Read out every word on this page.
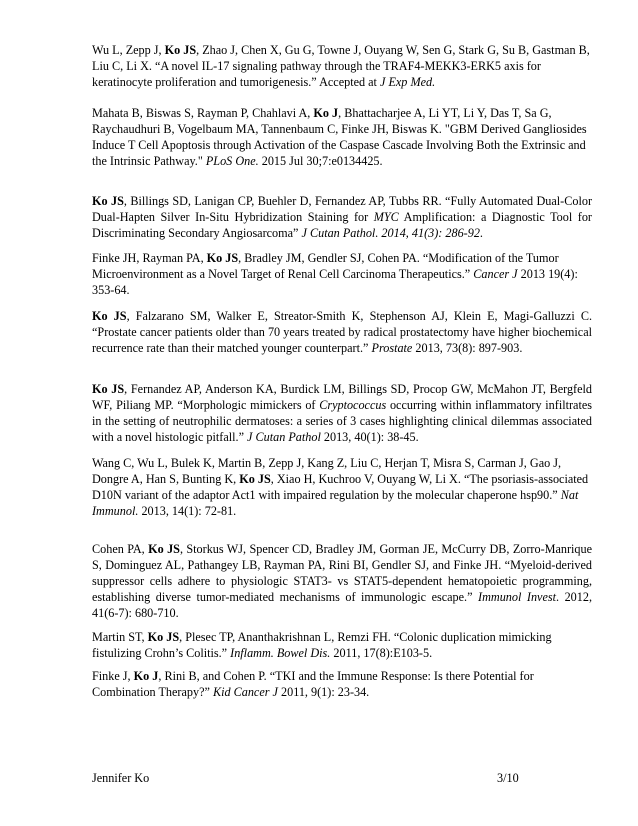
Wu L, Zepp J, Ko JS, Zhao J, Chen X, Gu G, Towne J, Ouyang W, Sen G, Stark G, Su B, Gastman B, Liu C, Li X. “A novel IL-17 signaling pathway through the TRAF4-MEKK3-ERK5 axis for keratinocyte proliferation and tumorigenesis.” Accepted at J Exp Med.

Mahata B, Biswas S, Rayman P, Chahlavi A, Ko J, Bhattacharjee A, Li YT, Li Y, Das T, Sa G, Raychaudhuri B, Vogelbaum MA, Tannenbaum C, Finke JH, Biswas K. "GBM Derived Gangliosides Induce T Cell Apoptosis through Activation of the Caspase Cascade Involving Both the Extrinsic and the Intrinsic Pathway." PLoS One. 2015 Jul 30;7:e0134425.

Ko JS, Billings SD, Lanigan CP, Buehler D, Fernandez AP, Tubbs RR. “Fully Automated Dual-Color Dual-Hapten Silver In-Situ Hybridization Staining for MYC Amplification: a Diagnostic Tool for Discriminating Secondary Angiosarcoma” J Cutan Pathol. 2014, 41(3): 286-92.

Finke JH, Rayman PA, Ko JS, Bradley JM, Gendler SJ, Cohen PA. “Modification of the Tumor Microenvironment as a Novel Target of Renal Cell Carcinoma Therapeutics.” Cancer J 2013 19(4): 353-64.

Ko JS, Falzarano SM, Walker E, Streator-Smith K, Stephenson AJ, Klein E, Magi-Galluzzi C. “Prostate cancer patients older than 70 years treated by radical prostatectomy have higher biochemical recurrence rate than their matched younger counterpart.” Prostate 2013, 73(8): 897-903.

Ko JS, Fernandez AP, Anderson KA, Burdick LM, Billings SD, Procop GW, McMahon JT, Bergfeld WF, Piliang MP. “Morphologic mimickers of Cryptococcus occurring within inflammatory infiltrates in the setting of neutrophilic dermatoses: a series of 3 cases highlighting clinical dilemmas associated with a novel histologic pitfall.” J Cutan Pathol 2013, 40(1): 38-45.

Wang C, Wu L, Bulek K, Martin B, Zepp J, Kang Z, Liu C, Herjan T, Misra S, Carman J, Gao J, Dongre A, Han S, Bunting K, Ko JS, Xiao H, Kuchroo V, Ouyang W, Li X. “The psoriasis-associated D10N variant of the adaptor Act1 with impaired regulation by the molecular chaperone hsp90.” Nat Immunol. 2013, 14(1): 72-81.

Cohen PA, Ko JS, Storkus WJ, Spencer CD, Bradley JM, Gorman JE, McCurry DB, Zorro-Manrique S, Dominguez AL, Pathangey LB, Rayman PA, Rini BI, Gendler SJ, and Finke JH. “Myeloid-derived suppressor cells adhere to physiologic STAT3- vs STAT5-dependent hematopoietic programming, establishing diverse tumor-mediated mechanisms of immunologic escape.” Immunol Invest. 2012, 41(6-7): 680-710.

Martin ST, Ko JS, Plesec TP, Ananthakrishnan L, Remzi FH. “Colonic duplication mimicking fistulizing Crohn’s Colitis.” Inflamm. Bowel Dis. 2011, 17(8):E103-5.

Finke J, Ko J, Rini B, and Cohen P. “TKI and the Immune Response: Is there Potential for Combination Therapy?” Kid Cancer J 2011, 9(1): 23-34.

Jennifer Ko	3/10
